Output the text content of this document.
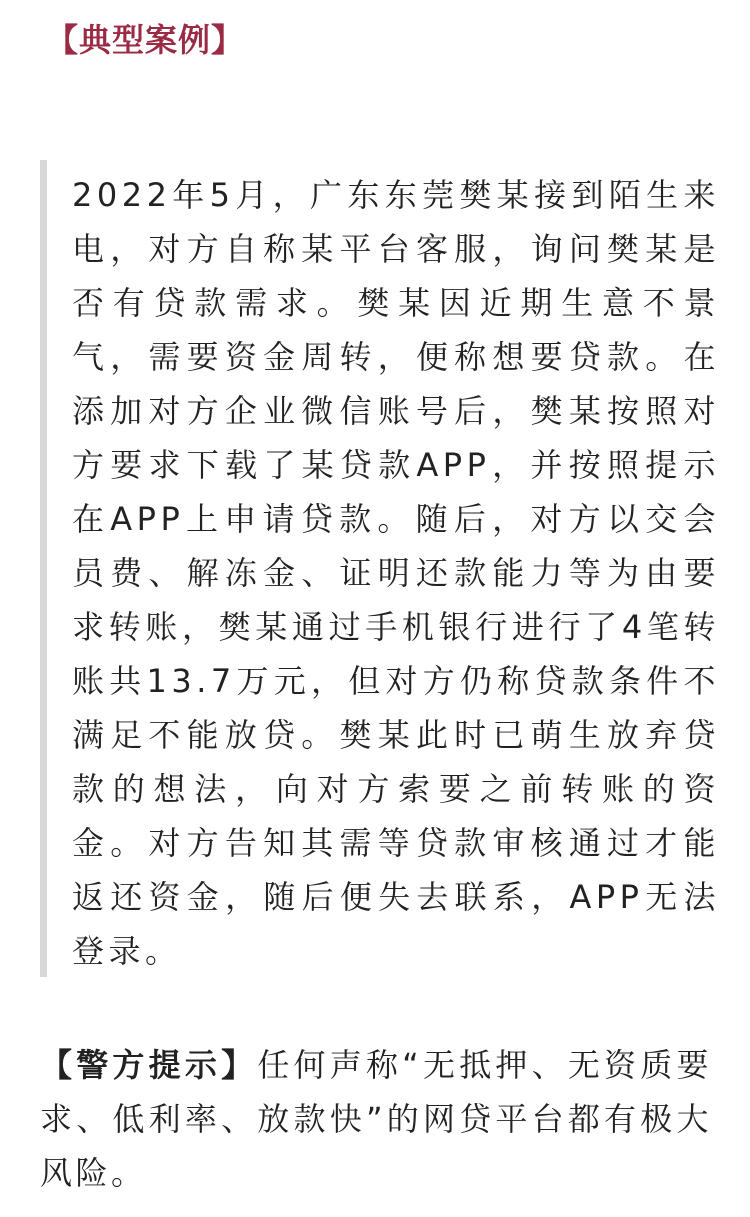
【典型案例】

2022年5月，广东东莞樊某接到陌生来电，对方自称某平台客服，询问樊某是否有贷款需求。樊某因近期生意不景气，需要资金周转，便称想要贷款。在添加对方企业微信账号后，樊某按照对方要求下载了某贷款APP，并按照提示在APP上申请贷款。随后，对方以交会员费、解冻金、证明还款能力等为由要求转账，樊某通过手机银行进行了4笔转账共13.7万元，但对方仍称贷款条件不满足不能放贷。樊某此时已萌生放弃贷款的想法，向对方索要之前转账的资金。对方告知其需等贷款审核通过才能返还资金，随后便失去联系，APP无法登录。

【警方提示】任何声称“无抵押、无资质要求、低利率、放款快”的网贷平台都有极大风险。
